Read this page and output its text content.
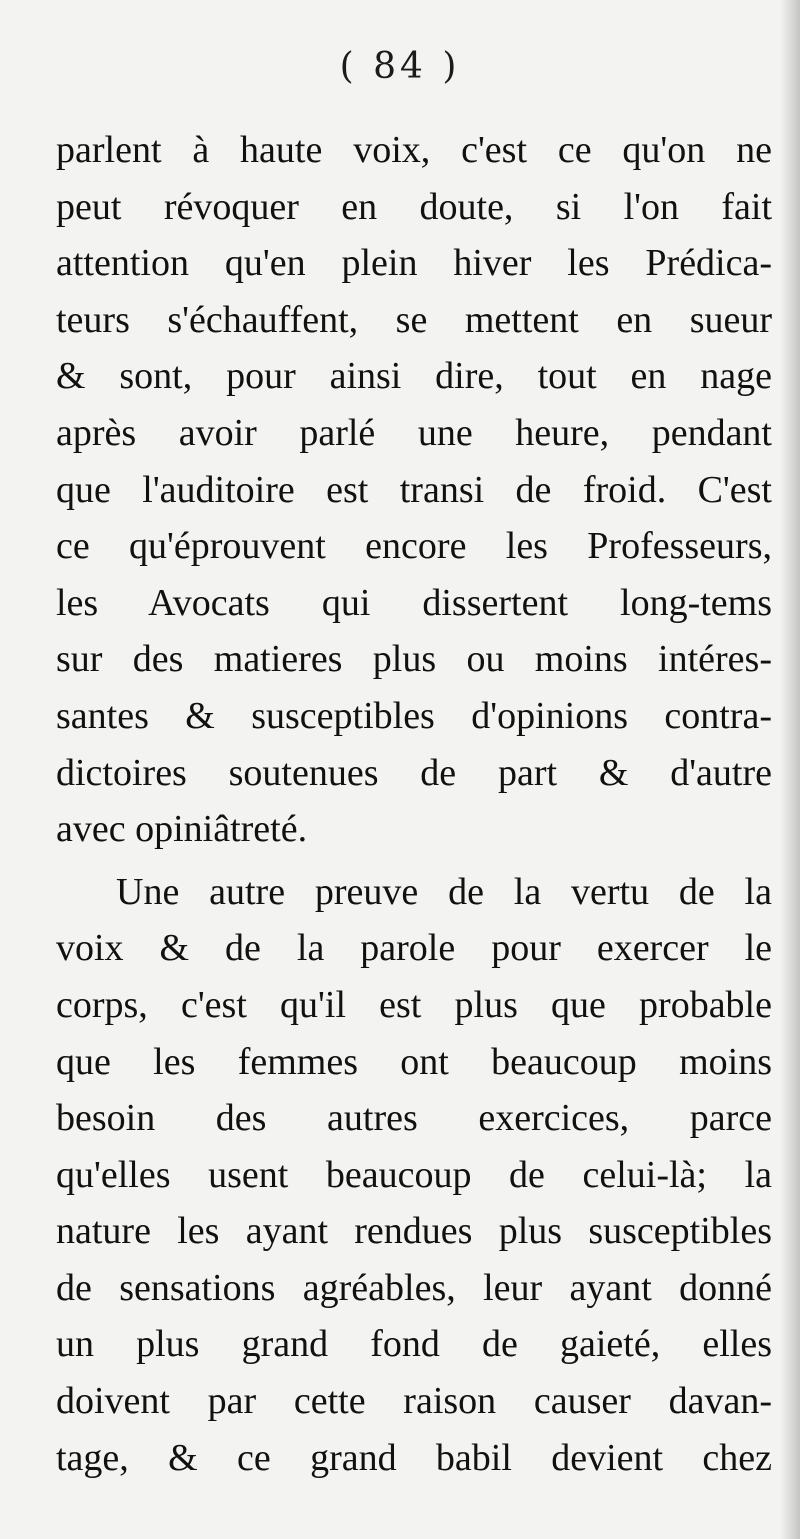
( 84 )
parlent à haute voix, c'est ce qu'on ne
peut révoquer en doute, si l'on fait
attention qu'en plein hiver les Prédica-
teurs s'échauffent, se mettent en sueur
& sont, pour ainsi dire, tout en nage
après avoir parlé une heure, pendant
que l'auditoire est transi de froid. C'est
ce qu'éprouvent encore les Professeurs,
les Avocats qui dissertent long-tems
sur des matieres plus ou moins intéres-
santes & susceptibles d'opinions contra-
dictoires soutenues de part & d'autre
avec opiniâtreté.
Une autre preuve de la vertu de la
voix & de la parole pour exercer le
corps, c'est qu'il est plus que probable
que les femmes ont beaucoup moins
besoin des autres exercices, parce
qu'elles usent beaucoup de celui-là; la
nature les ayant rendues plus susceptibles
de sensations agréables, leur ayant donné
un plus grand fond de gaieté, elles
doivent par cette raison causer davan-
tage, & ce grand babil devient chez
